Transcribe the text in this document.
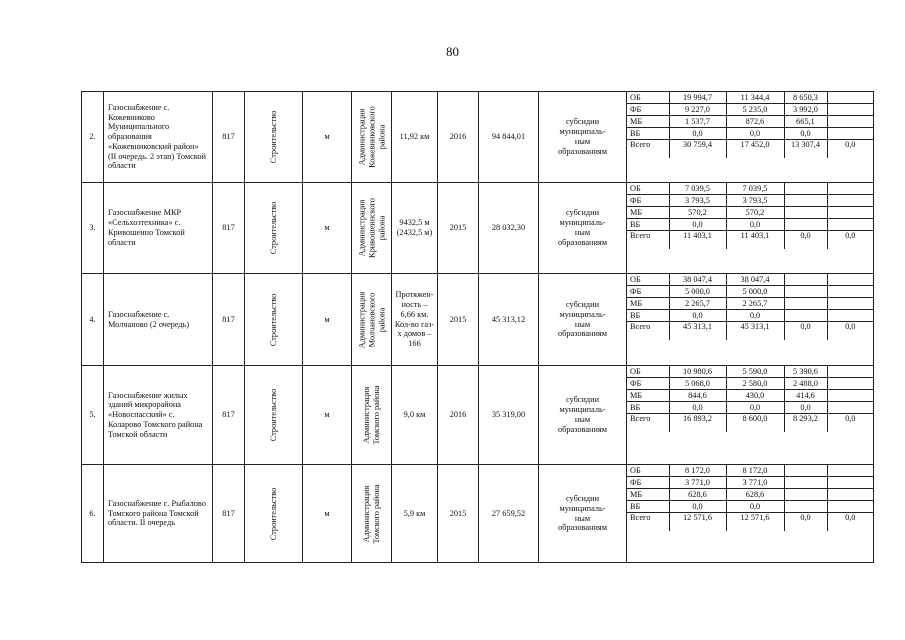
80
2.	Газоснабжение с. Кожевниково Муниципального образования «Кожевниковский район» (II очередь. 2 этап) Томской области	817	Строительство	м	Администрация Кожевниковского района	11,92 км	2016	94 844,01	субсидии
муниципаль-
ным
образованиям	
ОБ	19 994,7	11 344,4	8 650,3	
ФБ	9 227,0	5 235,0	3 992,0	
МБ	1 537,7	872,6	665,1	
ВБ	0,0	0,0	0,0	
Всего	30 759,4	17 452,0	13 307,4	0,0

3.	Газоснабжение МКР «Сельхозтехника» с. Кривошеино Томской области	817	Строительство	м	Администрация Кривошеинского района	9432,5 м (2432,5 м)	2015	28 032,30	субсидии
муниципаль-
ным
образованиям	
ОБ	7 039,5	7 039,5		
ФБ	3 793,5	3 793,5		
МБ	570,2	570,2		
ВБ	0,0	0,0		
Всего	11 403,1	11 403,1	0,0	0,0

4.	Газоснабжение с. Молчаново (2 очередь)	817	Строительство	м	Администрация Молчановского района
	Протяжен-ность – 6,66 км. Кол-во газ-х домов – 166	2015	45 313,12	субсидии
муниципаль-
ным
образованиям	
ОБ	38 047,4	38 047,4		
ФБ	5 000,0	5 000,0		
МБ	2 265,7	2 265,7		
ВБ	0,0	0,0		
Всего	45 313,1	45 313,1	0,0	0,0

5.	Газоснабжение жилых зданий микрорайона «Новоспасский» с. Коларово Томского района Томской области	817	Строительство	м	Администрация Томского района	9,0 км	2016	35 319,00	субсидии
муниципаль-
ным
образованиям	
ОБ	10 980,6	5 590,0	5 390,6	
ФБ	5 068,0	2 580,0	2 488,0	
МБ	844,6	430,0	414,6	
ВБ	0,0	0,0	0,0	
Всего	16 893,2	8 600,0	8 293,2	0,0

6.	Газоснабжение с. Рыбалово Томского района Томской области. II очередь	817	Строительство	м	Администрация Томского района	5,9 км	2015	27 659,52	субсидии
муниципаль-
ным
образованиям	
ОБ	8 172,0	8 172,0		
ФБ	3 771,0	3 771,0		
МБ	628,6	628,6		
ВБ	0,0	0,0		
Всего	12 571,6	12 571,6	0,0	0,0
